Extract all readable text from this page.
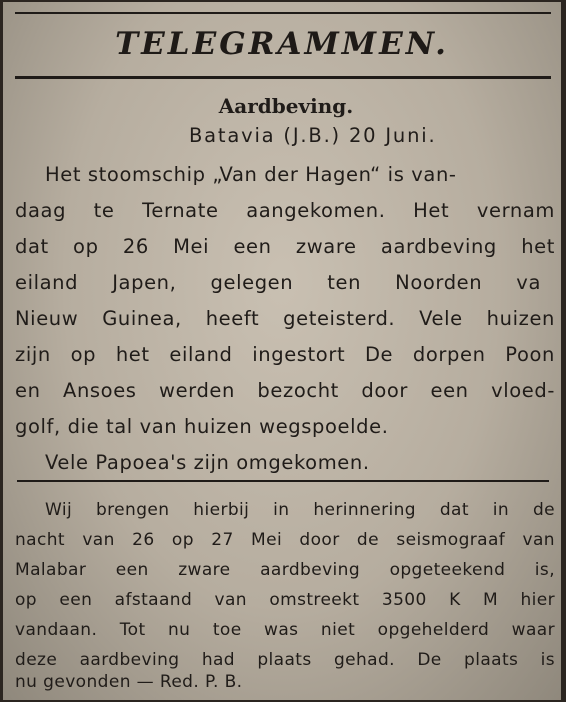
TELEGRAMMEN.
Aardbeving.
Batavia (J.B.) 20 Juni.
Het stoomschip „Van der Hagen“ is van-
daag te Ternate aangekomen. Het vernam
dat op 26 Mei een zware aardbeving het
eiland Japen, gelegen ten Noorden va
Nieuw Guinea, heeft geteisterd. Vele huizen
zijn op het eiland ingestort De dorpen Poon
en Ansoes werden bezocht door een vloed-
golf, die tal van huizen wegspoelde.
Vele Papoea's zijn omgekomen.
Wij brengen hierbij in herinnering dat in de
nacht van 26 op 27 Mei door de seismograaf van
Malabar een zware aardbeving opgeteekend is,
op een afstaand van omstreekt 3500 K M hier
vandaan. Tot nu toe was niet opgehelderd waar
deze aardbeving had plaats gehad. De plaats is
nu gevonden — Red. P. B.
